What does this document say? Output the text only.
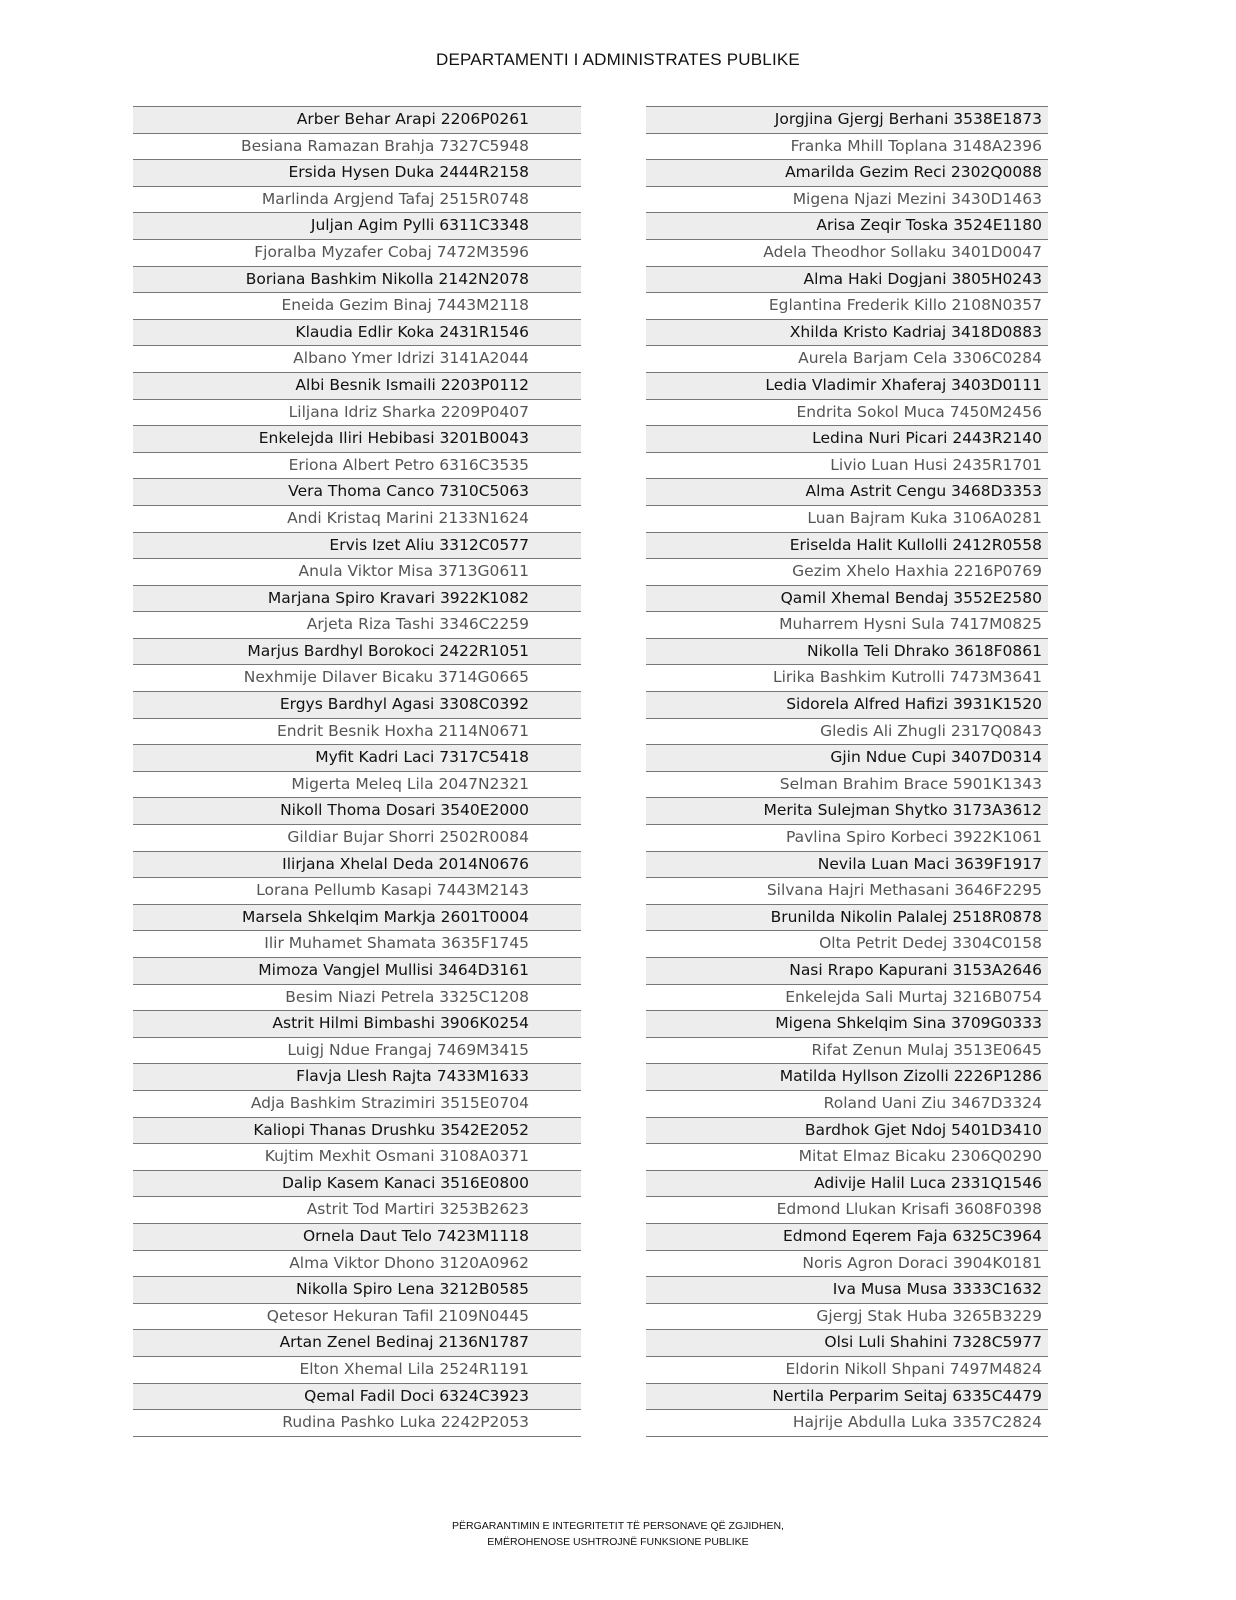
DEPARTAMENTI I ADMINISTRATES PUBLIKE
Arber Behar Arapi 2206P0261
Besiana Ramazan Brahja 7327C5948
Ersida Hysen Duka 2444R2158
Marlinda Argjend Tafaj 2515R0748
Juljan Agim Pylli 6311C3348
Fjoralba Myzafer Cobaj 7472M3596
Boriana Bashkim Nikolla 2142N2078
Eneida Gezim Binaj 7443M2118
Klaudia Edlir Koka 2431R1546
Albano Ymer Idrizi 3141A2044
Albi Besnik Ismaili 2203P0112
Liljana Idriz Sharka 2209P0407
Enkelejda Iliri Hebibasi 3201B0043
Eriona Albert Petro 6316C3535
Vera Thoma Canco 7310C5063
Andi Kristaq Marini 2133N1624
Ervis Izet Aliu 3312C0577
Anula Viktor Misa 3713G0611
Marjana Spiro Kravari 3922K1082
Arjeta Riza Tashi 3346C2259
Marjus Bardhyl Borokoci 2422R1051
Nexhmije Dilaver Bicaku 3714G0665
Ergys Bardhyl Agasi 3308C0392
Endrit Besnik Hoxha 2114N0671
Myfit Kadri Laci 7317C5418
Migerta Meleq Lila 2047N2321
Nikoll Thoma Dosari 3540E2000
Gildiar Bujar Shorri 2502R0084
Ilirjana Xhelal Deda 2014N0676
Lorana Pellumb Kasapi 7443M2143
Marsela Shkelqim Markja 2601T0004
Ilir Muhamet Shamata 3635F1745
Mimoza Vangjel Mullisi 3464D3161
Besim Niazi Petrela 3325C1208
Astrit Hilmi Bimbashi 3906K0254
Luigj Ndue Frangaj 7469M3415
Flavja Llesh Rajta 7433M1633
Adja Bashkim Strazimiri 3515E0704
Kaliopi Thanas Drushku 3542E2052
Kujtim Mexhit Osmani 3108A0371
Dalip Kasem Kanaci 3516E0800
Astrit Tod Martiri 3253B2623
Ornela Daut Telo 7423M1118
Alma Viktor Dhono 3120A0962
Nikolla Spiro Lena 3212B0585
Qetesor Hekuran Tafil 2109N0445
Artan Zenel Bedinaj 2136N1787
Elton Xhemal Lila 2524R1191
Qemal Fadil Doci 6324C3923
Rudina Pashko Luka 2242P2053
Jorgjina Gjergj Berhani 3538E1873
Franka Mhill Toplana 3148A2396
Amarilda Gezim Reci 2302Q0088
Migena Njazi Mezini 3430D1463
Arisa Zeqir Toska 3524E1180
Adela Theodhor Sollaku 3401D0047
Alma Haki Dogjani 3805H0243
Eglantina Frederik Killo 2108N0357
Xhilda Kristo Kadriaj 3418D0883
Aurela Barjam Cela 3306C0284
Ledia Vladimir Xhaferaj 3403D0111
Endrita Sokol Muca 7450M2456
Ledina Nuri Picari 2443R2140
Livio Luan Husi 2435R1701
Alma Astrit Cengu 3468D3353
Luan Bajram Kuka 3106A0281
Eriselda Halit Kullolli 2412R0558
Gezim Xhelo Haxhia 2216P0769
Qamil Xhemal Bendaj 3552E2580
Muharrem Hysni Sula 7417M0825
Nikolla Teli Dhrako 3618F0861
Lirika Bashkim Kutrolli 7473M3641
Sidorela Alfred Hafizi 3931K1520
Gledis Ali Zhugli 2317Q0843
Gjin Ndue Cupi 3407D0314
Selman Brahim Brace 5901K1343
Merita Sulejman Shytko 3173A3612
Pavlina Spiro Korbeci 3922K1061
Nevila Luan Maci 3639F1917
Silvana Hajri Methasani 3646F2295
Brunilda Nikolin Palalej 2518R0878
Olta Petrit Dedej 3304C0158
Nasi Rrapo Kapurani 3153A2646
Enkelejda Sali Murtaj 3216B0754
Migena Shkelqim Sina 3709G0333
Rifat Zenun Mulaj 3513E0645
Matilda Hyllson Zizolli 2226P1286
Roland Uani Ziu 3467D3324
Bardhok Gjet Ndoj 5401D3410
Mitat Elmaz Bicaku 2306Q0290
Adivije Halil Luca 2331Q1546
Edmond Llukan Krisafi 3608F0398
Edmond Eqerem Faja 6325C3964
Noris Agron Doraci 3904K0181
Iva Musa Musa 3333C1632
Gjergj Stak Huba 3265B3229
Olsi Luli Shahini 7328C5977
Eldorin Nikoll Shpani 7497M4824
Nertila Perparim Seitaj 6335C4479
Hajrije Abdulla Luka 3357C2824
PËRGARANTIMIN E INTEGRITETIT TË PERSONAVE QË ZGJIDHEN,
EMËROHENOSE USHTROJNË FUNKSIONE PUBLIKE
